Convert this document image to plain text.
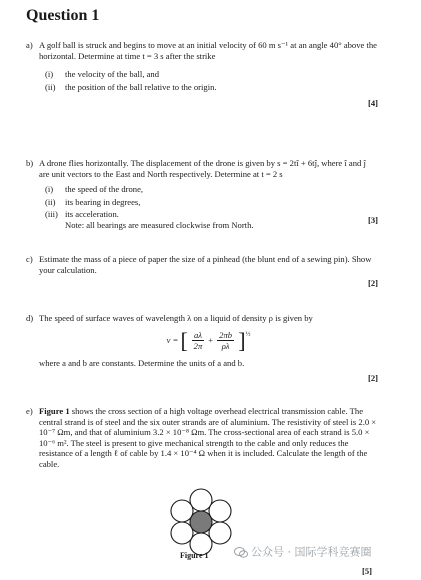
Question 1
a) A golf ball is struck and begins to move at an initial velocity of 60 m s⁻¹ at an angle 40° above the horizontal. Determine at time t = 3 s after the strike
(i) the velocity of the ball, and
(ii) the position of the ball relative to the origin.
[4]
b) A drone flies horizontally. The displacement of the drone is given by s = 2tî + 6tĵ, where î and ĵ are unit vectors to the East and North respectively. Determine at t = 2 s
(i) the speed of the drone,
(ii) its bearing in degrees,
(iii) its acceleration.
Note: all bearings are measured clockwise from North.	[3]
c) Estimate the mass of a piece of paper the size of a pinhead (the blunt end of a sewing pin). Show your calculation.
[2]
d) The speed of surface waves of wavelength λ on a liquid of density ρ is given by
v = [ $\frac{a\lambda}{2\pi} + \frac{2\pi b}{\rho\lambda} ]^{\frac{1}{2}}$
where a and b are constants. Determine the units of a and b.
[2]
e) Figure 1 shows the cross section of a high voltage overhead electrical transmission cable. The central strand is of steel and the six outer strands are of aluminium. The resistivity of steel is 2.0 × 10⁻⁷ Ωm, and that of aluminium 3.2 × 10⁻⁸ Ωm. The cross-sectional area of each strand is 5.0 × 10⁻⁶ m². The steel is present to give mechanical strength to the cable and only reduces the resistance of a length ℓ of cable by 1.4 × 10⁻⁴ Ω when it is included. Calculate the length of the cable.
Figure 1	公众号 · 国际学科竞赛圈
[5]
